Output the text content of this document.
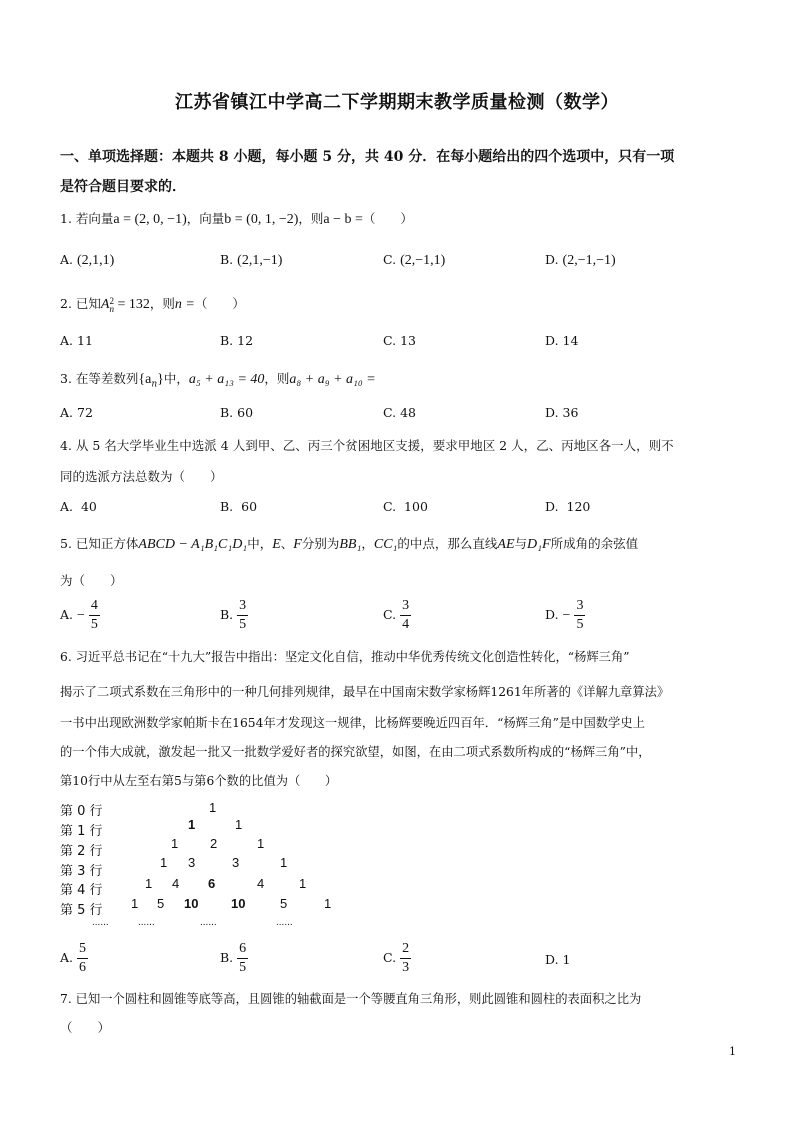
江苏省镇江中学高二下学期期末教学质量检测（数学）
一、单项选择题：本题共 8 小题，每小题 5 分，共 40 分．在每小题给出的四个选项中，只有一项
是符合题目要求的．
1. 若向量a = (2, 0, −1)，向量b = (0, 1, −2)，则a − b =（　　）
A. (2,1,1)	B. (2,1,−1)	C. (2,−1,1)	D. (2,−1,−1)
2. 已知A 2
n = 132，则n =（　　）
A. 11	B. 12	C. 13	D. 14
3. 在等差数列$\{a_n\}$中，a₅ + a₁₃ = 40，则a₈ + a₉ + a₁₀ =
A. 72	B. 60	C. 48	D. 36
4. 从 5 名大学毕业生中选派 4 人到甲、乙、丙三个贫困地区支援，要求甲地区 2 人，乙、丙地区各一人，则不
同的选派方法总数为（　　）
A. 40	B. 60	C. 100	D. 120
5. 已知正方体ABCD − A₁B₁C₁D₁中，E、F分别为BB₁，CC₁的中点，那么直线AE与D₁F所成角的余弦值
为（　　）
A. − $\frac{4}{5}$	B. $\frac{3}{5}$	C. $\frac{3}{4}$	D. − $\frac{3}{5}$
6. 习近平总书记在“十九大”报告中指出：坚定文化自信，推动中华优秀传统文化创造性转化，“杨辉三角”
揭示了二项式系数在三角形中的一种几何排列规律，最早在中国南宋数学家杨辉1261年所著的《详解九章算法》
一书中出现欧洲数学家帕斯卡在1654年才发现这一规律，比杨辉要晚近四百年．“杨辉三角”是中国数学史上
的一个伟大成就，激发起一批又一批数学爱好者的探究欲望，如图，在由二项式系数所构成的“杨辉三角”中，
第10行中从左至右第5与第6个数的比值为（　　）
第 0 行
第 1 行
第 2 行
第 3 行
第 4 行
第 5 行
1
1	1
1 2	1
1 3	3	1
1 4 6	4	1
1 5 10	10	5	1
......	......	......	......
A. $\frac{5}{6}$	B. $\frac{6}{5}$	C. $\frac{2}{3}$	D. 1
7. 已知一个圆柱和圆锥等底等高，且圆锥的轴截面是一个等腰直角三角形，则此圆锥和圆柱的表面积之比为
（　　）
1
